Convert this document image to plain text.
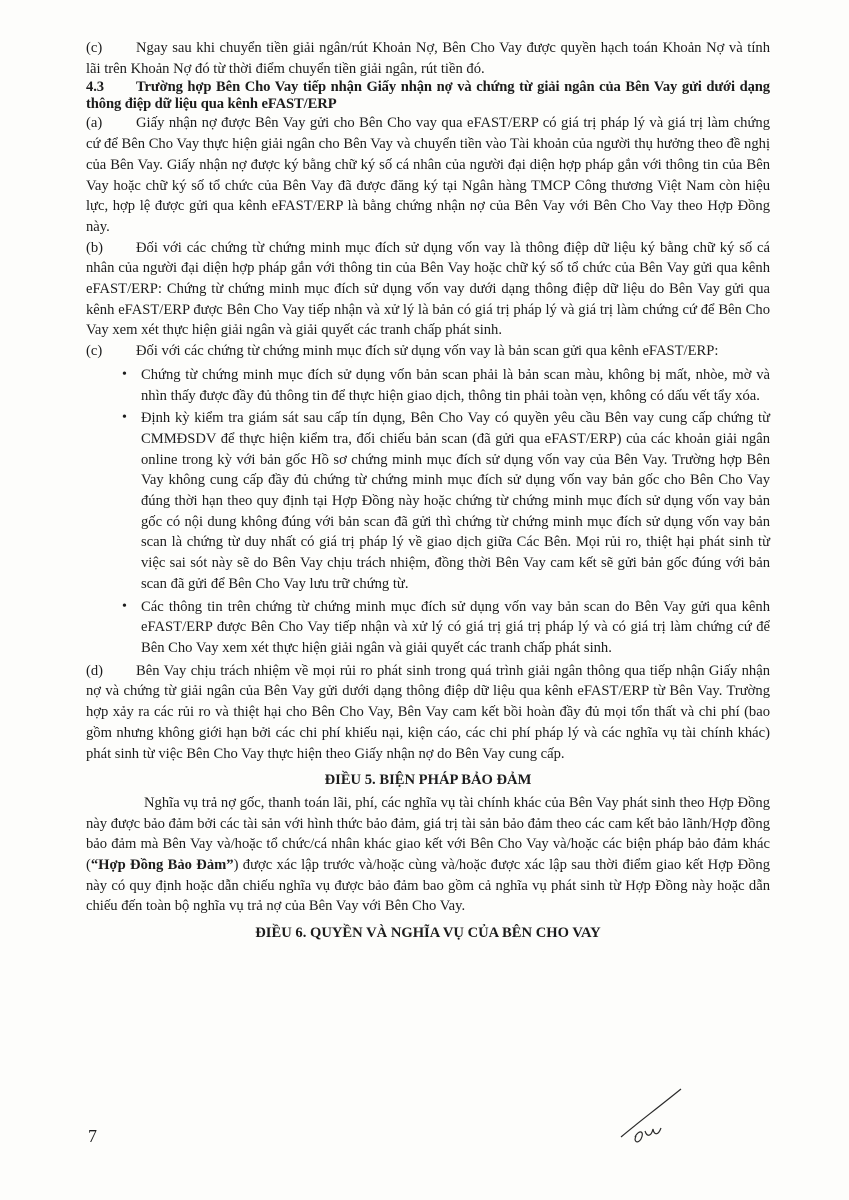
(c) Ngay sau khi chuyển tiền giải ngân/rút Khoản Nợ, Bên Cho Vay được quyền hạch toán Khoản Nợ và tính lãi trên Khoản Nợ đó từ thời điểm chuyển tiền giải ngân, rút tiền đó.

4.3 Trường hợp Bên Cho Vay tiếp nhận Giấy nhận nợ và chứng từ giải ngân của Bên Vay gửi dưới dạng thông điệp dữ liệu qua kênh eFAST/ERP

(a) Giấy nhận nợ được Bên Vay gửi cho Bên Cho vay qua eFAST/ERP có giá trị pháp lý và giá trị làm chứng cứ để Bên Cho Vay thực hiện giải ngân cho Bên Vay và chuyển tiền vào Tài khoản của người thụ hưởng theo đề nghị của Bên Vay. Giấy nhận nợ được ký bằng chữ ký số cá nhân của người đại diện hợp pháp gắn với thông tin của Bên Vay hoặc chữ ký số tổ chức của Bên Vay đã được đăng ký tại Ngân hàng TMCP Công thương Việt Nam còn hiệu lực, hợp lệ được gửi qua kênh eFAST/ERP là bằng chứng nhận nợ của Bên Vay với Bên Cho Vay theo Hợp Đồng này.

(b) Đối với các chứng từ chứng minh mục đích sử dụng vốn vay là thông điệp dữ liệu ký bằng chữ ký số cá nhân của người đại diện hợp pháp gắn với thông tin của Bên Vay hoặc chữ ký số tổ chức của Bên Vay gửi qua kênh eFAST/ERP: Chứng từ chứng minh mục đích sử dụng vốn vay dưới dạng thông điệp dữ liệu do Bên Vay gửi qua kênh eFAST/ERP được Bên Cho Vay tiếp nhận và xử lý là bản có giá trị pháp lý và giá trị làm chứng cứ để Bên Cho Vay xem xét thực hiện giải ngân và giải quyết các tranh chấp phát sinh.

(c) Đối với các chứng từ chứng minh mục đích sử dụng vốn vay là bản scan gửi qua kênh eFAST/ERP:

• Chứng từ chứng minh mục đích sử dụng vốn bản scan phải là bản scan màu, không bị mất, nhòe, mờ và nhìn thấy được đầy đủ thông tin để thực hiện giao dịch, thông tin phải toàn vẹn, không có dấu vết tẩy xóa.
• Định kỳ kiểm tra giám sát sau cấp tín dụng, Bên Cho Vay có quyền yêu cầu Bên vay cung cấp chứng từ CMMĐSDV để thực hiện kiểm tra, đối chiếu bản scan (đã gửi qua eFAST/ERP) của các khoản giải ngân online trong kỳ với bản gốc Hồ sơ chứng minh mục đích sử dụng vốn vay của Bên Vay. Trường hợp Bên Vay không cung cấp đầy đủ chứng từ chứng minh mục đích sử dụng vốn vay bản gốc cho Bên Cho Vay đúng thời hạn theo quy định tại Hợp Đồng này hoặc chứng từ chứng minh mục đích sử dụng vốn vay bản gốc có nội dung không đúng với bản scan đã gửi thì chứng từ chứng minh mục đích sử dụng vốn vay bản scan là chứng từ duy nhất có giá trị pháp lý về giao dịch giữa Các Bên. Mọi rủi ro, thiệt hại phát sinh từ việc sai sót này sẽ do Bên Vay chịu trách nhiệm, đồng thời Bên Vay cam kết sẽ gửi bản gốc đúng với bản scan đã gửi để Bên Cho Vay lưu trữ chứng từ.
• Các thông tin trên chứng từ chứng minh mục đích sử dụng vốn vay bản scan do Bên Vay gửi qua kênh eFAST/ERP được Bên Cho Vay tiếp nhận và xử lý có giá trị giá trị pháp lý và có giá trị làm chứng cứ để Bên Cho Vay xem xét thực hiện giải ngân và giải quyết các tranh chấp phát sinh.

(d) Bên Vay chịu trách nhiệm về mọi rủi ro phát sinh trong quá trình giải ngân thông qua tiếp nhận Giấy nhận nợ và chứng từ giải ngân của Bên Vay gửi dưới dạng thông điệp dữ liệu qua kênh eFAST/ERP từ Bên Vay. Trường hợp xảy ra các rủi ro và thiệt hại cho Bên Cho Vay, Bên Vay cam kết bồi hoàn đầy đủ mọi tổn thất và chi phí (bao gồm nhưng không giới hạn bởi các chi phí khiếu nại, kiện cáo, các chi phí pháp lý và các nghĩa vụ tài chính khác) phát sinh từ việc Bên Cho Vay thực hiện theo Giấy nhận nợ do Bên Vay cung cấp.

ĐIỀU 5. BIỆN PHÁP BẢO ĐẢM

Nghĩa vụ trả nợ gốc, thanh toán lãi, phí, các nghĩa vụ tài chính khác của Bên Vay phát sinh theo Hợp Đồng này được bảo đảm bởi các tài sản với hình thức bảo đảm, giá trị tài sản bảo đảm theo các cam kết bảo lãnh/Hợp đồng bảo đảm mà Bên Vay và/hoặc tổ chức/cá nhân khác giao kết với Bên Cho Vay và/hoặc các biện pháp bảo đảm khác (“Hợp Đồng Bảo Đảm”) được xác lập trước và/hoặc cùng và/hoặc được xác lập sau thời điểm giao kết Hợp Đồng này có quy định hoặc dẫn chiếu nghĩa vụ được bảo đảm bao gồm cả nghĩa vụ phát sinh từ Hợp Đồng này hoặc dẫn chiếu đến toàn bộ nghĩa vụ trả nợ của Bên Vay với Bên Cho Vay.

ĐIỀU 6. QUYỀN VÀ NGHĨA VỤ CỦA BÊN CHO VAY

7
